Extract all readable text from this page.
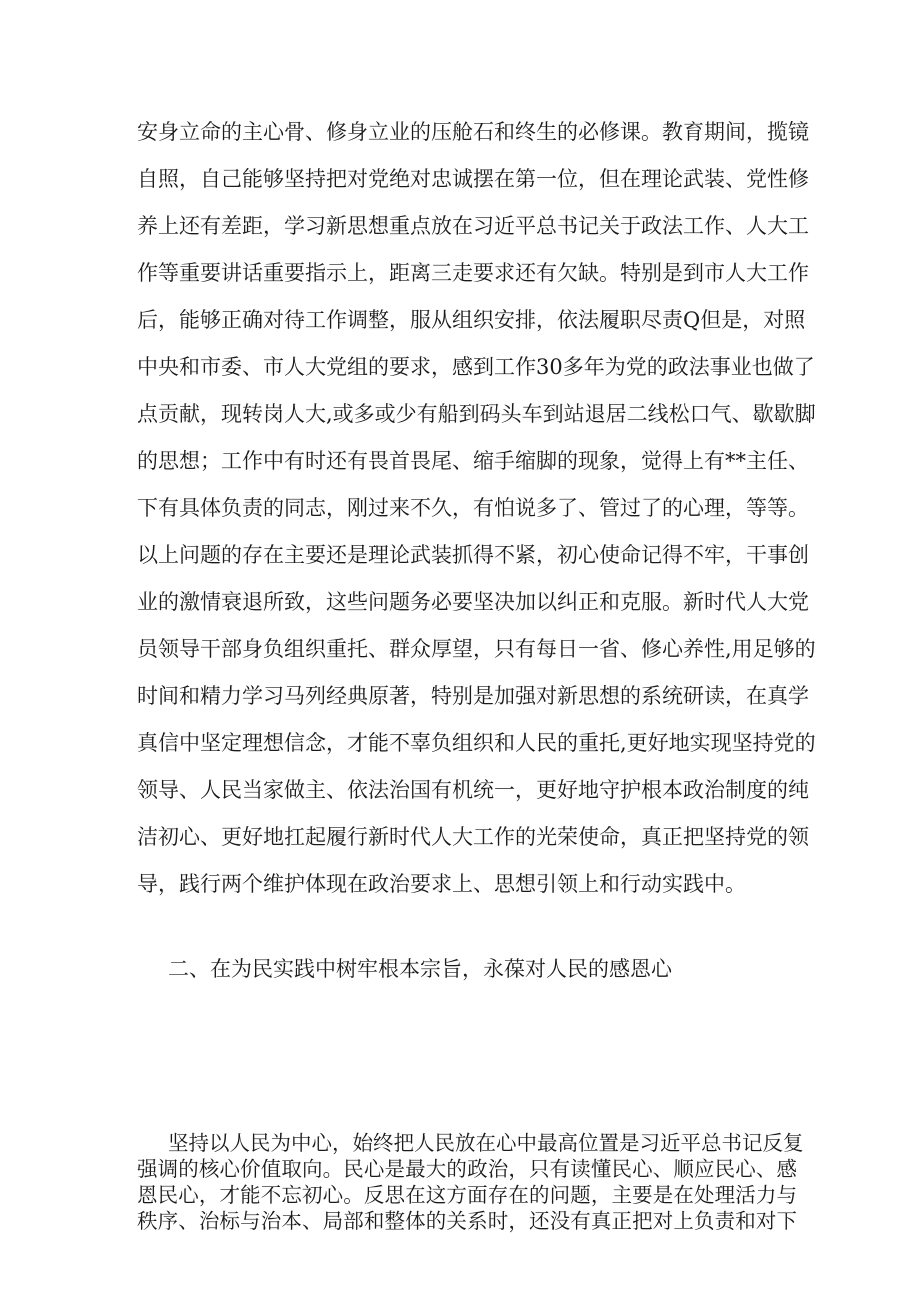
安身立命的主心骨、修身立业的压舱石和终生的必修课。教育期间，揽镜
自照，自己能够坚持把对党绝对忠诚摆在第一位，但在理论武装、党性修
养上还有差距，学习新思想重点放在习近平总书记关于政法工作、人大工
作等重要讲话重要指示上，距离三走要求还有欠缺。特别是到市人大工作
后，能够正确对待工作调整，服从组织安排，依法履职尽责Q但是，对照
中央和市委、市人大党组的要求，感到工作30多年为党的政法事业也做了
点贡献，现转岗人大,或多或少有船到码头车到站退居二线松口气、歇歇脚
的思想；工作中有时还有畏首畏尾、缩手缩脚的现象，觉得上有**主任、
下有具体负责的同志，刚过来不久，有怕说多了、管过了的心理，等等。
以上问题的存在主要还是理论武装抓得不紧，初心使命记得不牢，干事创
业的激情衰退所致，这些问题务必要坚决加以纠正和克服。新时代人大党
员领导干部身负组织重托、群众厚望，只有每日一省、修心养性,用足够的
时间和精力学习马列经典原著，特别是加强对新思想的系统研读，在真学
真信中坚定理想信念，才能不辜负组织和人民的重托,更好地实现坚持党的
领导、人民当家做主、依法治国有机统一，更好地守护根本政治制度的纯
洁初心、更好地扛起履行新时代人大工作的光荣使命，真正把坚持党的领
导，践行两个维护体现在政治要求上、思想引领上和行动实践中。
二、在为民实践中树牢根本宗旨，永葆对人民的感恩心
坚持以人民为中心，始终把人民放在心中最高位置是习近平总书记反复
强调的核心价值取向。民心是最大的政治，只有读懂民心、顺应民心、感
恩民心，才能不忘初心。反思在这方面存在的问题，主要是在处理活力与
秩序、治标与治本、局部和整体的关系时，还没有真正把对上负责和对下
